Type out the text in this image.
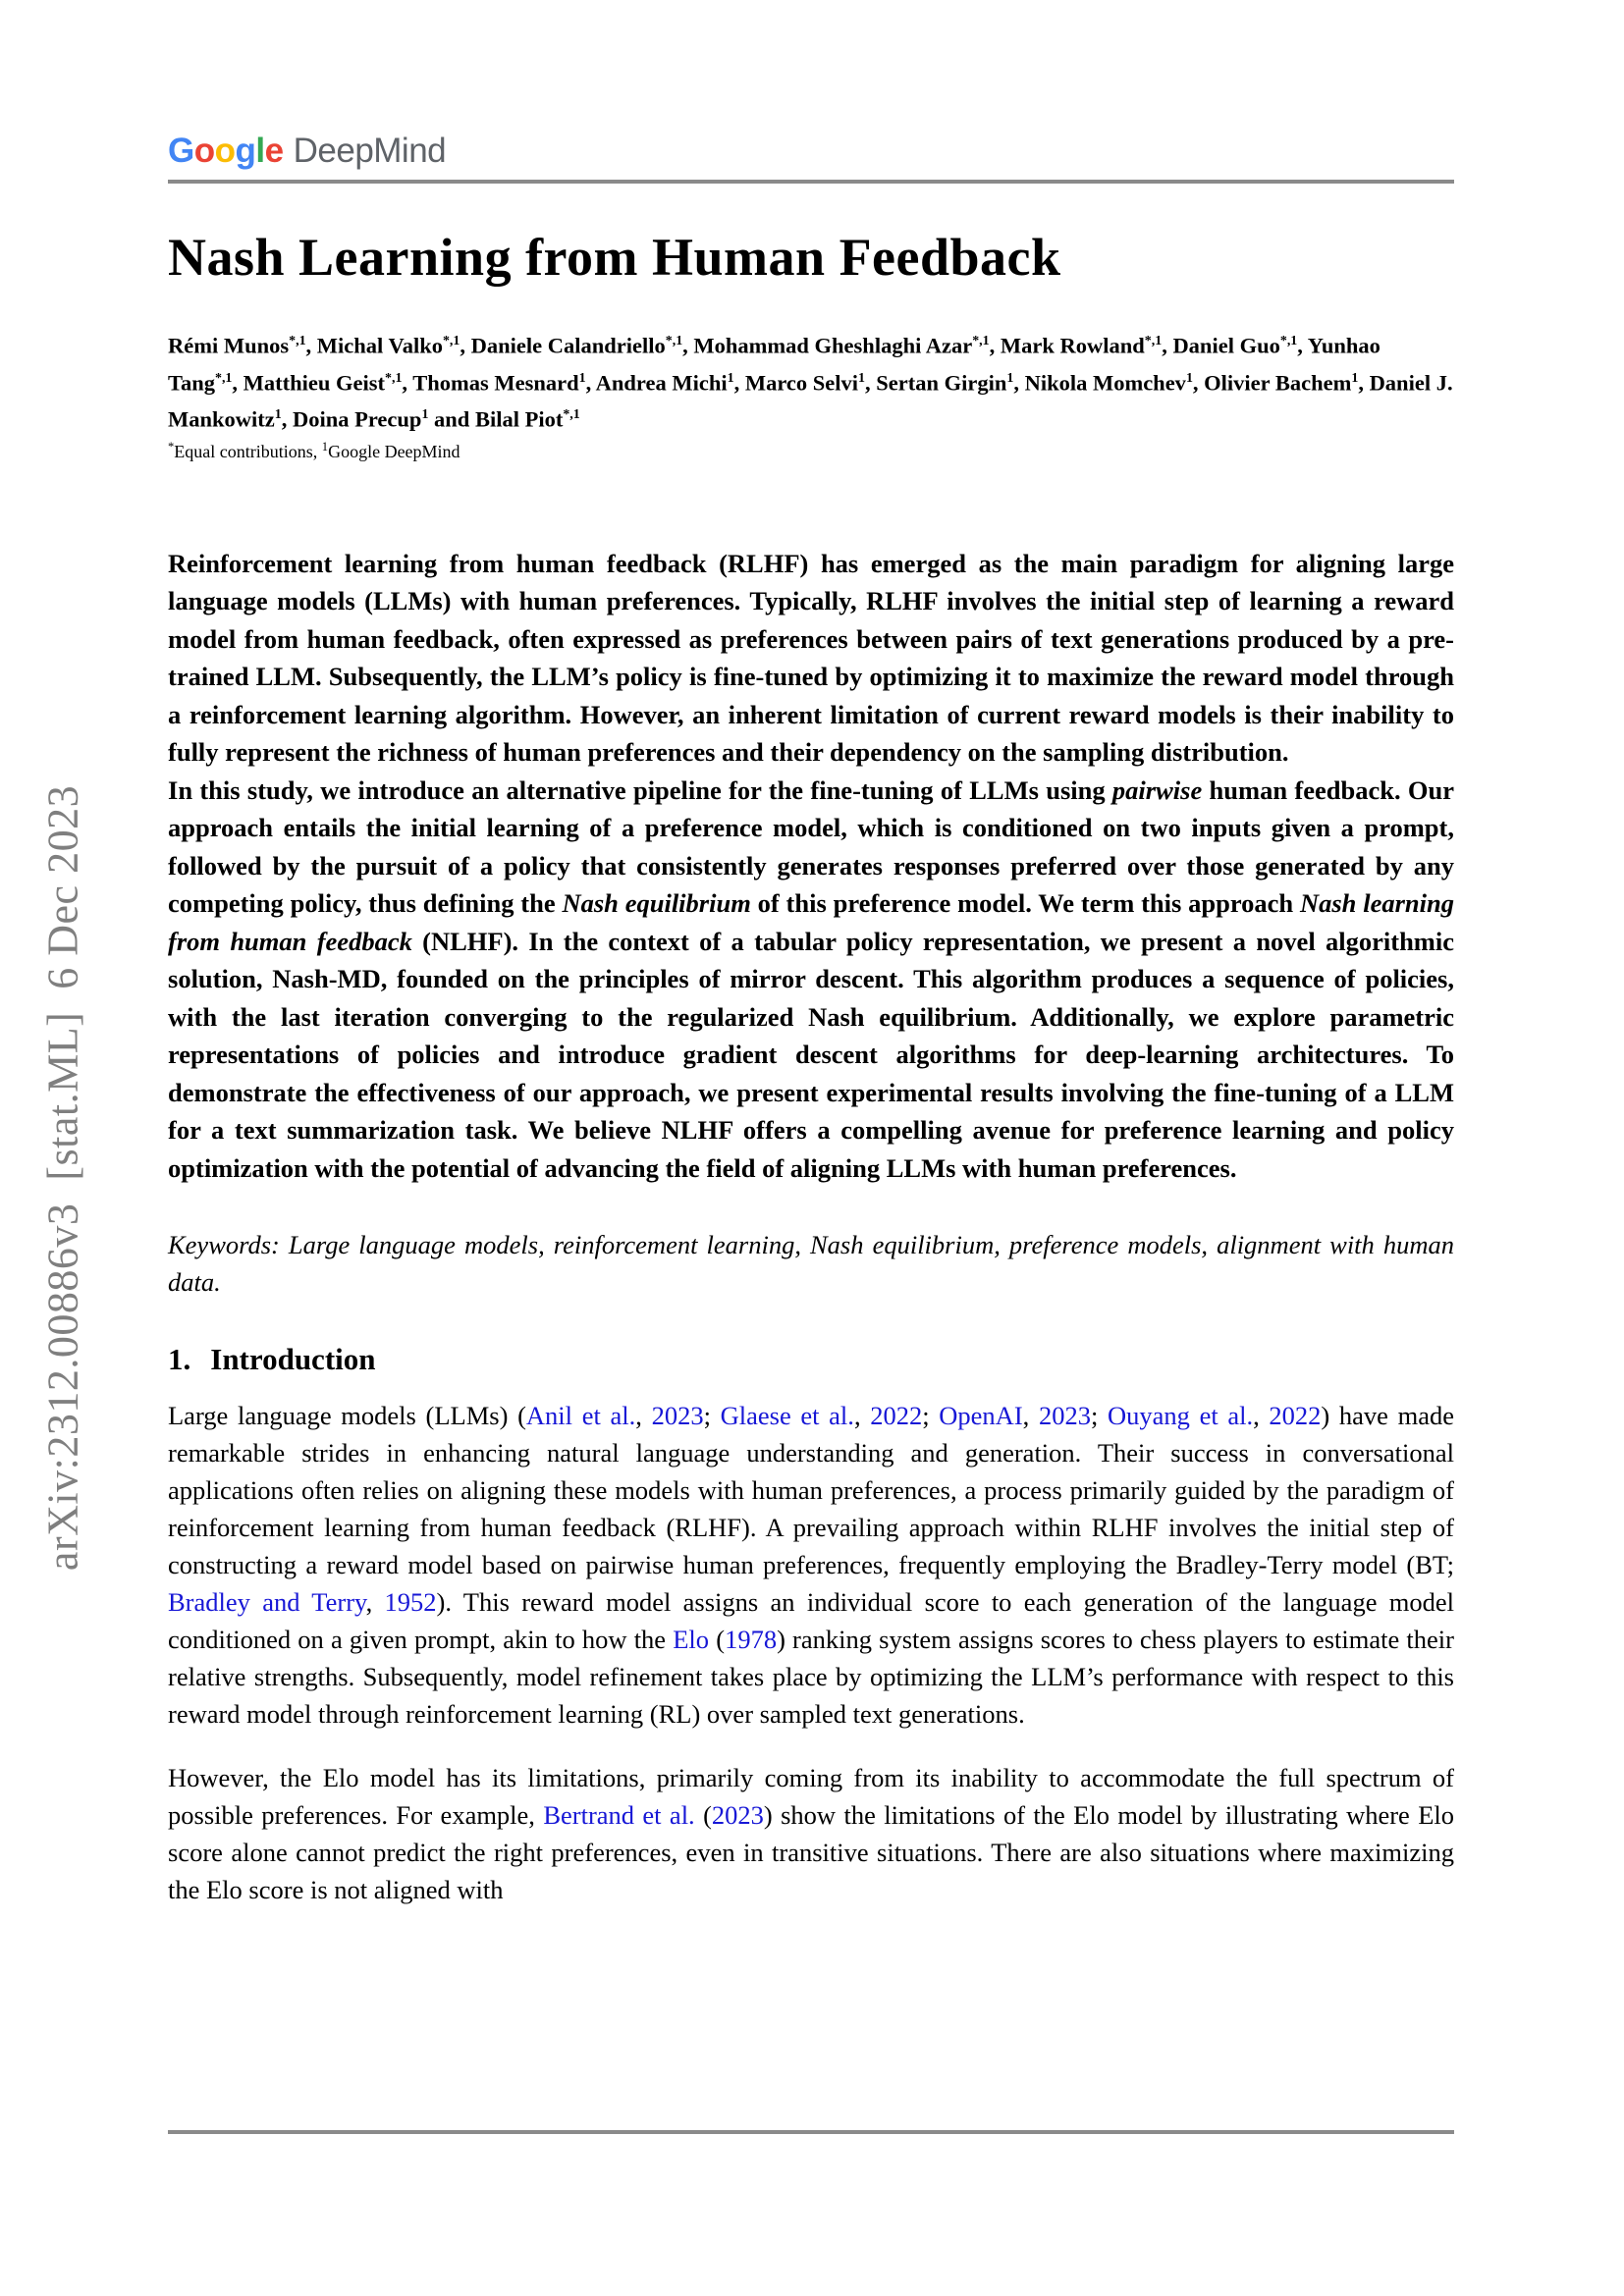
arXiv:2312.00886v3  [stat.ML]  6 Dec 2023
Google DeepMind
Nash Learning from Human Feedback

Rémi Munos$^{*,1}$, Michal Valko$^{*,1}$, Daniele Calandriello$^{*,1}$, Mohammad Gheshlaghi Azar$^{*,1}$, Mark Rowland$^{*,1}$, Daniel Guo$^{*,1}$, Yunhao Tang$^{*,1}$, Matthieu Geist$^{*,1}$, Thomas Mesnard$^1$, Andrea Michi$^1$, Marco Selvi$^1$, Sertan Girgin$^1$, Nikola Momchev$^1$, Olivier Bachem$^1$, Daniel J. Mankowitz$^1$, Doina Precup$^1$ and Bilal Piot$^{*,1}$

*Equal contributions, $^1$Google DeepMind

Reinforcement learning from human feedback (RLHF) has emerged as the main paradigm for aligning large language models (LLMs) with human preferences. Typically, RLHF involves the initial step of learning a reward model from human feedback, often expressed as preferences between pairs of text generations produced by a pre-trained LLM. Subsequently, the LLM’s policy is fine-tuned by optimizing it to maximize the reward model through a reinforcement learning algorithm. However, an inherent limitation of current reward models is their inability to fully represent the richness of human preferences and their dependency on the sampling distribution.

In this study, we introduce an alternative pipeline for the fine-tuning of LLMs using pairwise human feedback. Our approach entails the initial learning of a preference model, which is conditioned on two inputs given a prompt, followed by the pursuit of a policy that consistently generates responses preferred over those generated by any competing policy, thus defining the Nash equilibrium of this preference model. We term this approach Nash learning from human feedback (NLHF). In the context of a tabular policy representation, we present a novel algorithmic solution, Nash-MD, founded on the principles of mirror descent. This algorithm produces a sequence of policies, with the last iteration converging to the regularized Nash equilibrium. Additionally, we explore parametric representations of policies and introduce gradient descent algorithms for deep-learning architectures. To demonstrate the effectiveness of our approach, we present experimental results involving the fine-tuning of a LLM for a text summarization task. We believe NLHF offers a compelling avenue for preference learning and policy optimization with the potential of advancing the field of aligning LLMs with human preferences.

Keywords: Large language models, reinforcement learning, Nash equilibrium, preference models, alignment with human data.

1. Introduction

Large language models (LLMs) (Anil et al., 2023; Glaese et al., 2022; OpenAI, 2023; Ouyang et al., 2022) have made remarkable strides in enhancing natural language understanding and generation. Their success in conversational applications often relies on aligning these models with human preferences, a process primarily guided by the paradigm of reinforcement learning from human feedback (RLHF). A prevailing approach within RLHF involves the initial step of constructing a reward model based on pairwise human preferences, frequently employing the Bradley-Terry model (BT; Bradley and Terry, 1952). This reward model assigns an individual score to each generation of the language model conditioned on a given prompt, akin to how the Elo (1978) ranking system assigns scores to chess players to estimate their relative strengths. Subsequently, model refinement takes place by optimizing the LLM’s performance with respect to this reward model through reinforcement learning (RL) over sampled text generations.

However, the Elo model has its limitations, primarily coming from its inability to accommodate the full spectrum of possible preferences. For example, Bertrand et al. (2023) show the limitations of the Elo model by illustrating where Elo score alone cannot predict the right preferences, even in transitive situations. There are also situations where maximizing the Elo score is not aligned with
